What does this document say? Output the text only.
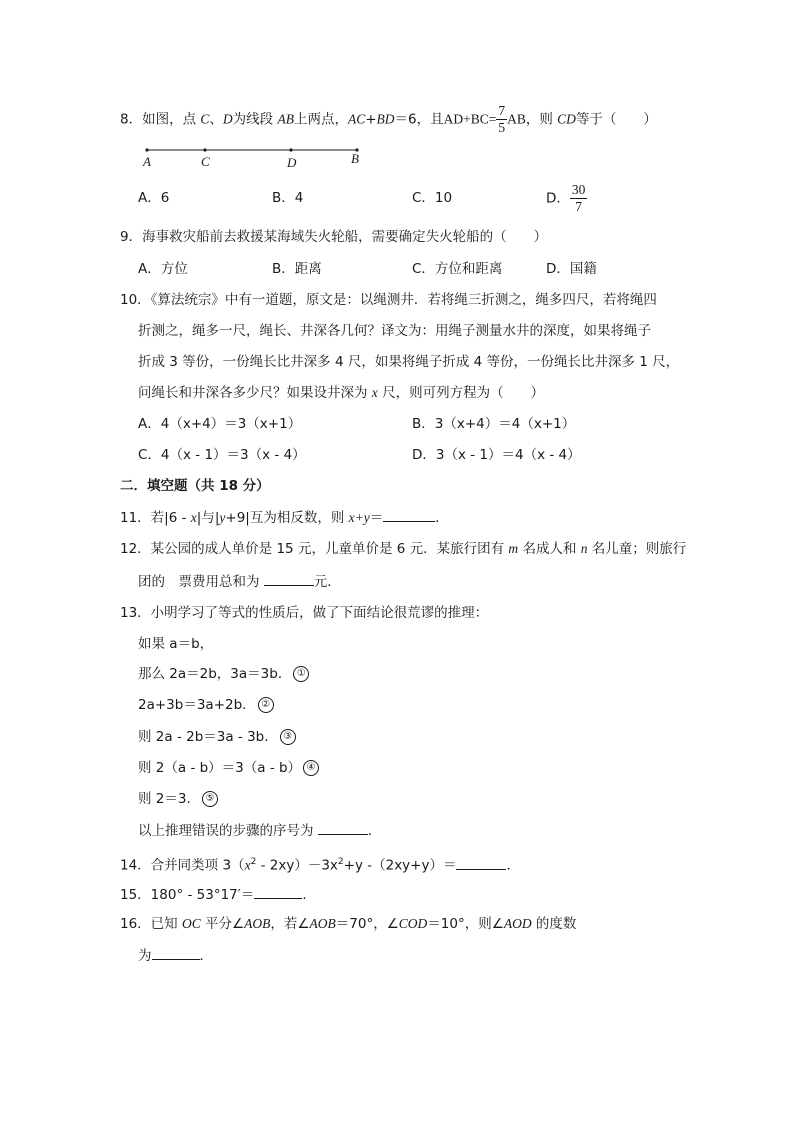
8．如图，点 C、D为线段 AB上两点，AC+BD＝6，且$AD+BC= \frac{7}{5}$ AB，则 CD等于（　　）
A	C	D	B
A．6	B．4	C．10	D． $\frac{30}{7}$
9．海事救灾船前去救援某海域失火轮船，需要确定失火轮船的（　　）
A．方位	B．距离	C．方位和距离	D．国籍
10．《算法统宗》中有一道题，原文是：以绳测井．若将绳三折测之，绳多四尺，若将绳四
折测之，绳多一尺，绳长、井深各几何？译文为：用绳子测量水井的深度，如果将绳子
折成 3 等份，一份绳长比井深多 4 尺，如果将绳子折成 4 等份，一份绳长比井深多 1 尺，
问绳长和井深各多少尺？如果设井深为 x 尺，则可列方程为（　　）
A．4（x+4）＝3（x+1）	B．3（x+4）＝4（x+1）
C．4（x - 1）＝3（x - 4）	D．3（x - 1）＝4（x - 4）
二．填空题（共 18 分）
11．若|6 - x|与|y+9|互为相反数，则 x+y＝	．
12．某公园的成人单价是 15 元，儿童单价是 6 元．某旅行团有 m 名成人和 n 名儿童；则旅行
团的　票费用总和为	元．
13．小明学习了等式的性质后，做了下面结论很荒谬的推理：
如果 a＝b，
那么 2a＝2b，3a＝3b． ①
2a+3b＝3a+2b． ②
则 2a - 2b＝3a - 3b． ③
则 2（a - b）＝3（a - b） ④
则 2＝3． ⑤
以上推理错误的步骤的序号为	．
14．合并同类项 $3(x^2 - 2xy)-3x^2+y$ -（2xy+y）＝	．
15．180° - 53°17′＝	．
16．已知 OC 平分∠AOB，若∠AOB＝70°，∠COD＝10°，则∠AOD 的度数
为	．
